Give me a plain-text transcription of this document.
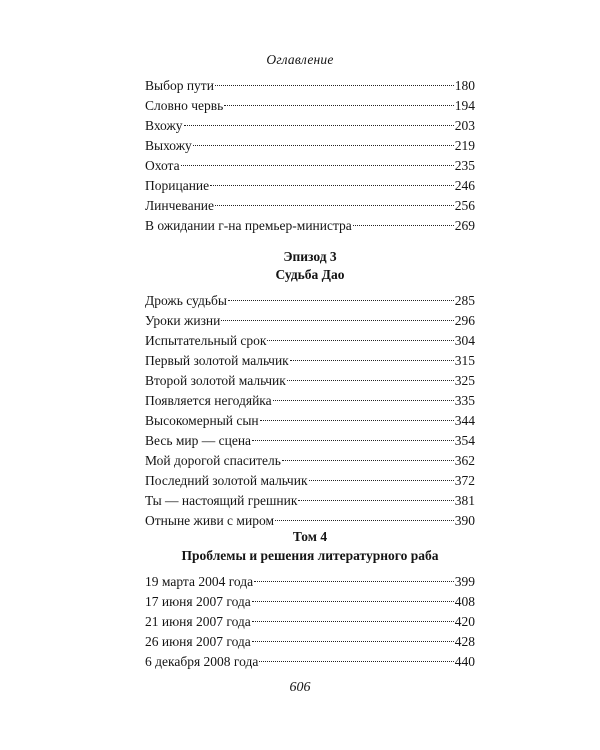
Оглавление
Выбор пути	180
Словно червь	194
Вхожу	203
Выхожу	219
Охота	235
Порицание	246
Линчевание	256
В ожидании г-на премьер-министра	269
Эпизод 3
Судьба Дао
Дрожь судьбы	285
Уроки жизни	296
Испытательный срок	304
Первый золотой мальчик	315
Второй золотой мальчик	325
Появляется негодяйка	335
Высокомерный сын	344
Весь мир — сцена	354
Мой дорогой спаситель	362
Последний золотой мальчик	372
Ты — настоящий грешник	381
Отныне живи с миром	390
Том 4
Проблемы и решения литературного раба
19 марта 2004 года	399
17 июня 2007 года	408
21 июня 2007 года	420
26 июня 2007 года	428
6 декабря 2008 года	440
606
